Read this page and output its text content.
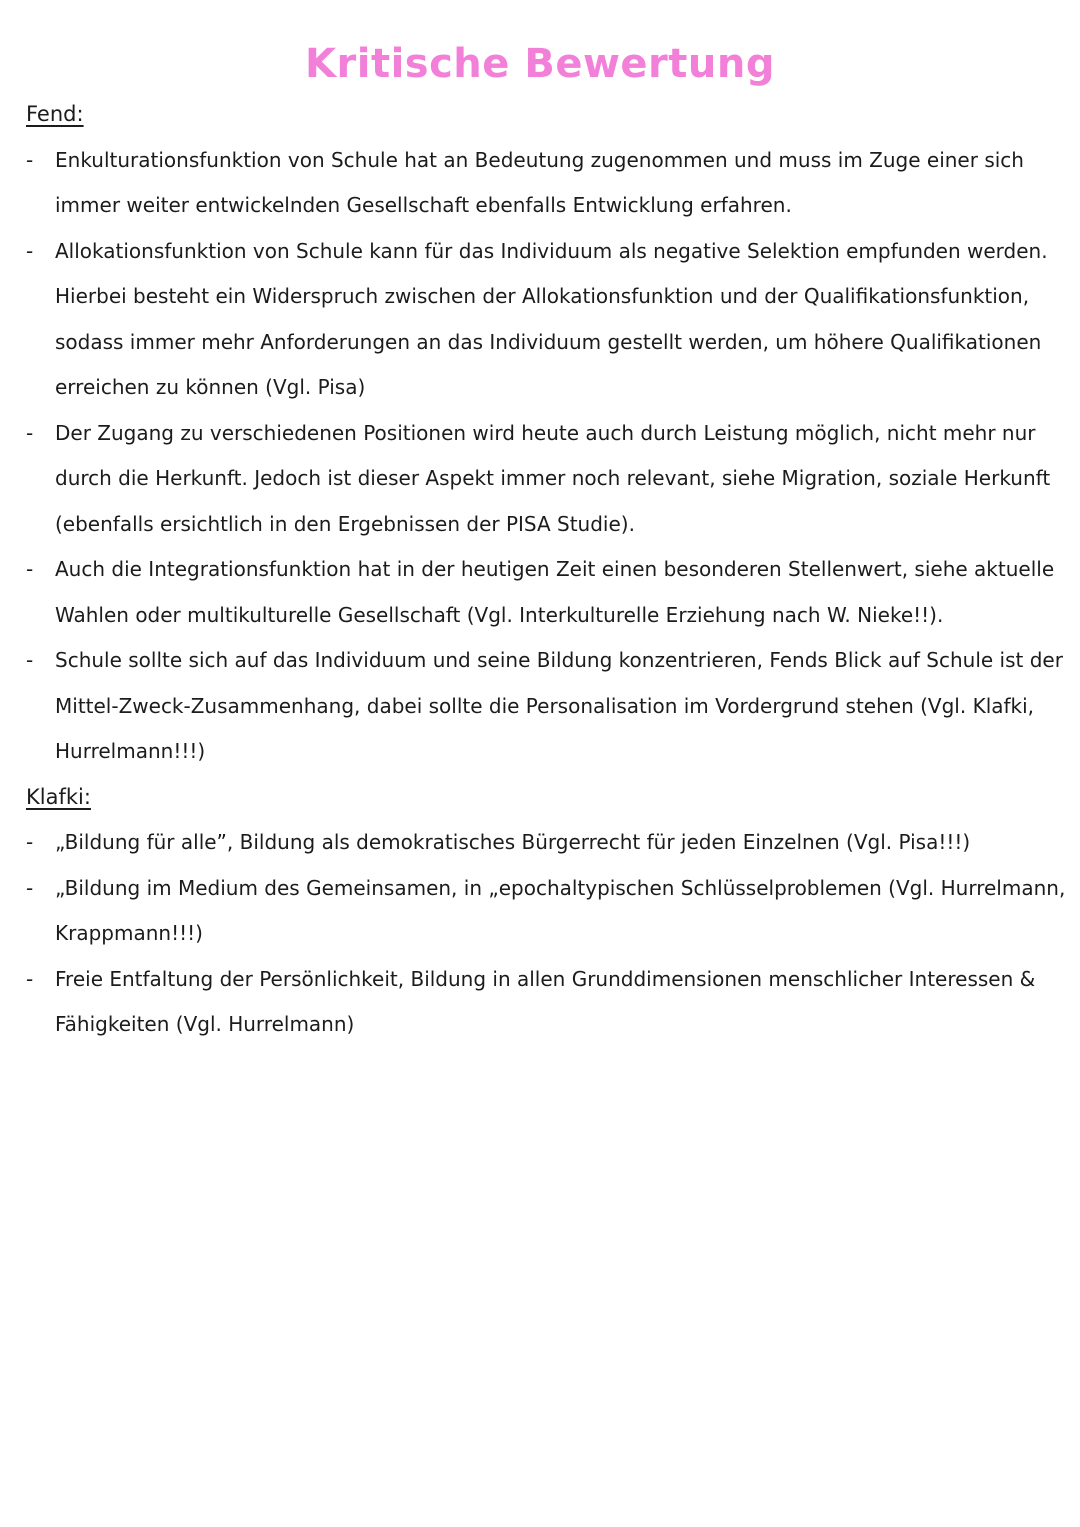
Kritische Bewertung

Fend:

- Enkulturationsfunktion von Schule hat an Bedeutung zugenommen und muss im Zuge einer sich immer weiter entwickelnden Gesellschaft ebenfalls Entwicklung erfahren.
- Allokationsfunktion von Schule kann für das Individuum als negative Selektion empfunden werden. Hierbei besteht ein Widerspruch zwischen der Allokationsfunktion und der Qualifikationsfunktion, sodass immer mehr Anforderungen an das Individuum gestellt werden, um höhere Qualifikationen erreichen zu können (Vgl. Pisa)
- Der Zugang zu verschiedenen Positionen wird heute auch durch Leistung möglich, nicht mehr nur durch die Herkunft. Jedoch ist dieser Aspekt immer noch relevant, siehe Migration, soziale Herkunft (ebenfalls ersichtlich in den Ergebnissen der PISA Studie).
- Auch die Integrationsfunktion hat in der heutigen Zeit einen besonderen Stellenwert, siehe aktuelle Wahlen oder multikulturelle Gesellschaft (Vgl. Interkulturelle Erziehung nach W. Nieke!!).
- Schule sollte sich auf das Individuum und seine Bildung konzentrieren, Fends Blick auf Schule ist der Mittel-Zweck-Zusammenhang, dabei sollte die Personalisation im Vordergrund stehen (Vgl. Klafki, Hurrelmann!!!)

Klafki:

- „Bildung für alle”, Bildung als demokratisches Bürgerrecht für jeden Einzelnen (Vgl. Pisa!!!)
- „Bildung im Medium des Gemeinsamen, in „epochaltypischen Schlüsselproblemen (Vgl. Hurrelmann, Krappmann!!!)
- Freie Entfaltung der Persönlichkeit, Bildung in allen Grunddimensionen menschlicher Interessen & Fähigkeiten (Vgl. Hurrelmann)
